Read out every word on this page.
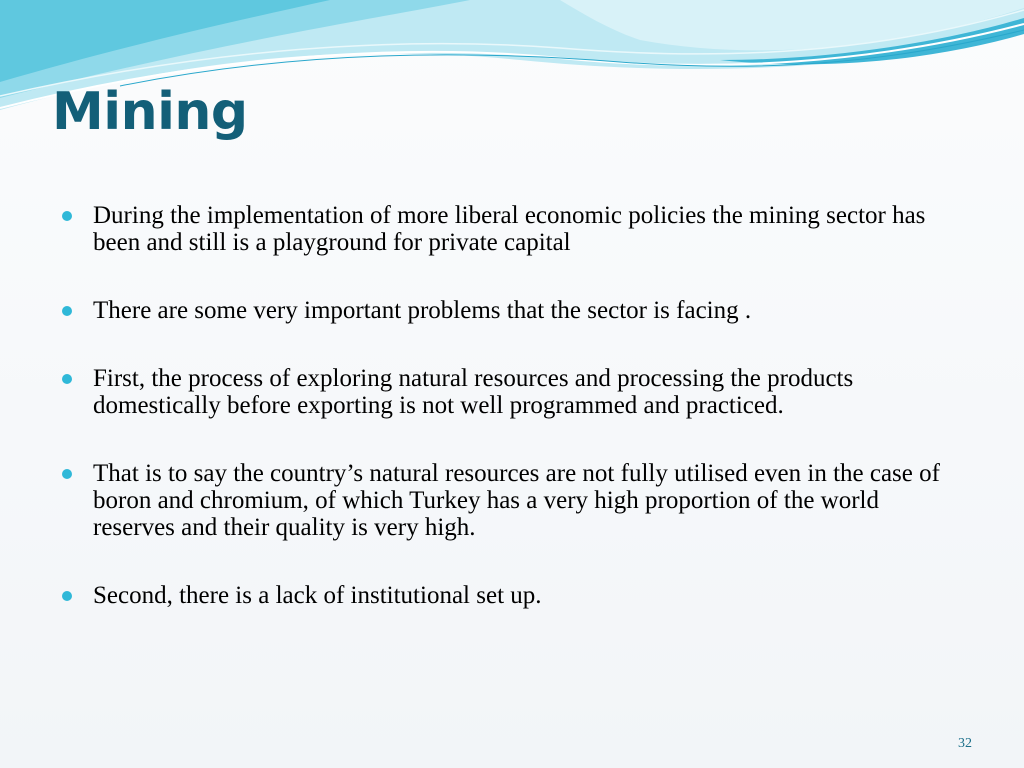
Mining
During the implementation of more liberal economic policies the mining sector has been and still is a playground for private capital
There are some very important problems that the sector is facing .
First, the process of exploring natural resources and processing the products domestically before exporting is not well programmed and practiced.
That is to say the country’s natural resources are not fully utilised even in the case of boron and chromium, of which Turkey has a very high proportion of the world reserves and their quality is very high.
Second, there is a lack of institutional set up.
32
